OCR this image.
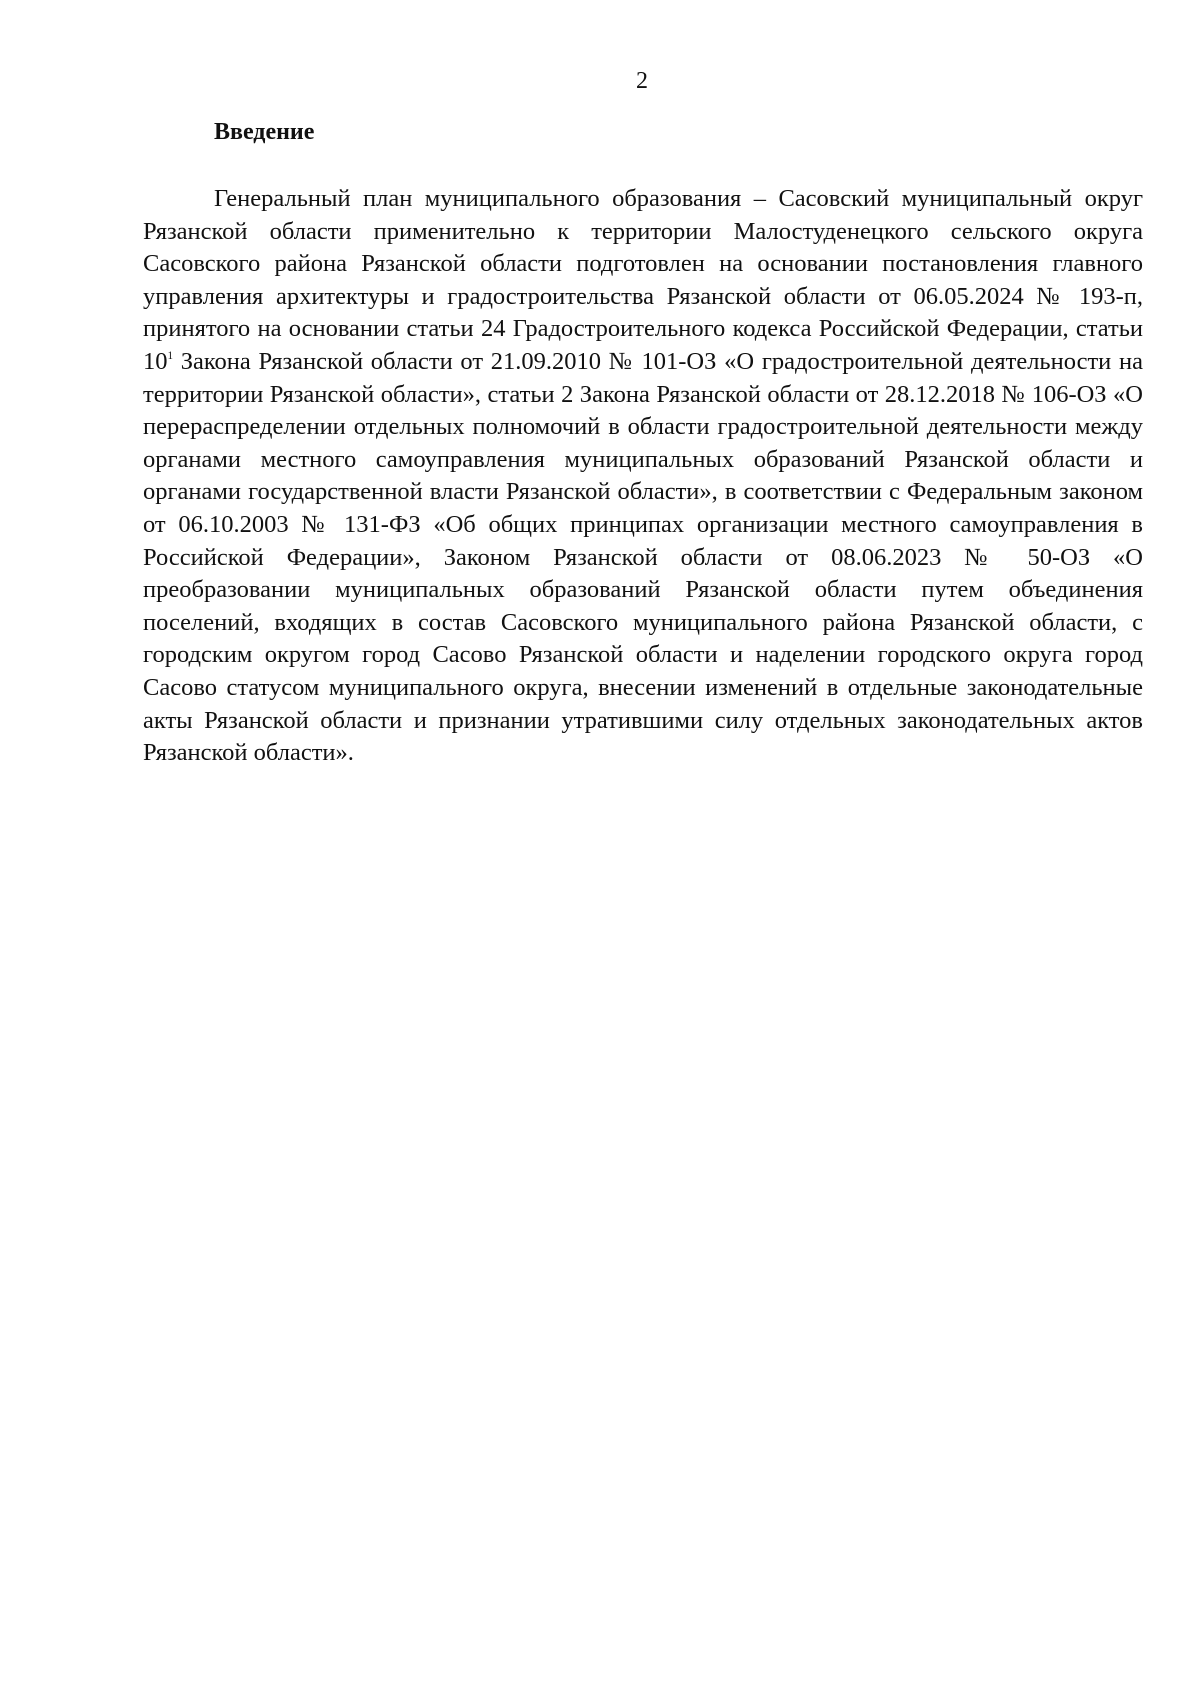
2
Введение

Генеральный план муниципального образования – Сасовский муниципальный округ Рязанской области применительно к территории Малостуденецкого сельского округа Сасовского района Рязанской области подготовлен на основании постановления главного управления архитектуры и градостроительства Рязанской области от 06.05.2024 № 193-п, принятого на основании статьи 24 Градостроительного кодекса Российской Федерации, статьи $10^1$ Закона Рязанской области от 21.09.2010 № 101-ОЗ «О градостроительной деятельности на территории Рязанской области», статьи 2 Закона Рязанской области от 28.12.2018 № 106-ОЗ «О перераспределении отдельных полномочий в области градостроительной деятельности между органами местного самоуправления муниципальных образований Рязанской области и органами государственной власти Рязанской области», в соответствии с Федеральным законом от 06.10.2003 № 131-ФЗ «Об общих принципах организации местного самоуправления в Российской Федерации», Законом Рязанской области от 08.06.2023 № 50-ОЗ «О преобразовании муниципальных образований Рязанской области путем объединения поселений, входящих в состав Сасовского муниципального района Рязанской области, с городским округом город Сасово Рязанской области и наделении городского округа город Сасово статусом муниципального округа, внесении изменений в отдельные законодательные акты Рязанской области и признании утратившими силу отдельных законодательных актов Рязанской области».
